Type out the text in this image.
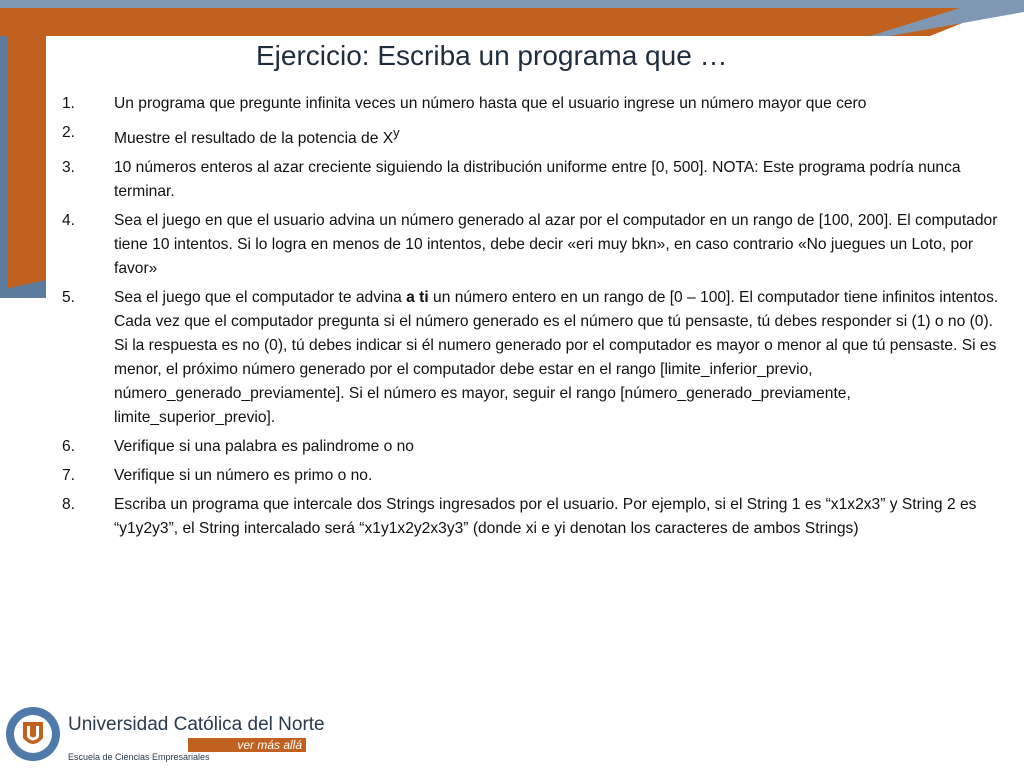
Ejercicio: Escriba un programa que …
1.	Un programa que pregunte infinita veces un número hasta que el usuario ingrese un número mayor que cero
2.	Muestre el resultado de la potencia de $X^y$
3.	10 números enteros al azar creciente siguiendo la distribución uniforme entre [0, 500]. NOTA: Este programa podría nunca terminar.
4.	Sea el juego en que el usuario advina un número generado al azar por el computador en un rango de [100, 200]. El computador tiene 10 intentos. Si lo logra en menos de 10 intentos, debe decir «eri muy bkn», en caso contrario «No juegues un Loto, por favor»
5.	Sea el juego que el computador te advina a ti un número entero en un rango de [0 – 100]. El computador tiene infinitos intentos. Cada vez que el computador pregunta si el número generado es el número que tú pensaste, tú debes responder si (1) o no (0). Si la respuesta es no (0), tú debes indicar si él numero generado por el computador es mayor o menor al que tú pensaste. Si es menor, el próximo número generado por el computador debe estar en el rango [limite_inferior_previo, número_generado_previamente]. Si el número es mayor, seguir el rango [número_generado_previamente, limite_superior_previo].
6.	Verifique si una palabra es palindrome o no
7.	Verifique si un número es primo o no.
8.	Escriba un programa que intercale dos Strings ingresados por el usuario. Por ejemplo, si el String 1 es “x1x2x3” y String 2 es “y1y2y3”, el String intercalado será “x1y1x2y2x3y3” (donde xi e yi denotan los caracteres de ambos Strings)
Universidad Católica del Norte
ver más allá
Escuela de Ciencias Empresariales
